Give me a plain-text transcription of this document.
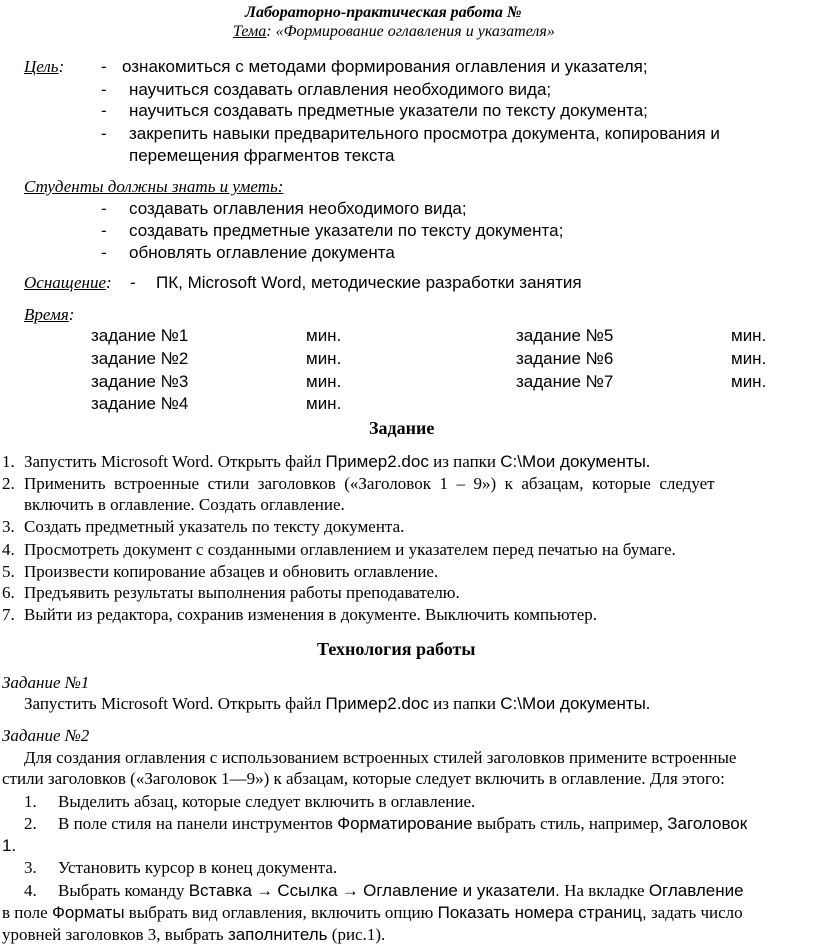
Лабораторно-практическая работа №
Тема: «Формирование оглавления и указателя»
Цель: - ознакомиться с методами формирования оглавления и указателя;
- научиться создавать оглавления необходимого вида;
- научиться создавать предметные указатели по тексту документа;
- закрепить навыки предварительного просмотра документа, копирования и
перемещения фрагментов текста
Студенты должны знать и уметь:
- создавать оглавления необходимого вида;
- создавать предметные указатели по тексту документа;
- обновлять оглавление документа
Оснащение: - ПК, Microsoft Word, методические разработки занятия
Время:
задание №1	мин.	задание №5	мин.
задание №2	мин.	задание №6	мин.
задание №3	мин.	задание №7	мин.
задание №4	мин.
Задание
1. Запустить Microsoft Word. Открыть файл Пример2.doc из папки C:\Мои документы.
2. Применить  встроенные  стили  заголовков  («Заголовок  1  –  9»)  к  абзацам,  которые  следует
включить в оглавление. Создать оглавление.
3. Создать предметный указатель по тексту документа.
4. Просмотреть документ с созданными оглавлением и указателем перед печатью на бумаге.
5. Произвести копирование абзацев и обновить оглавление.
6. Предъявить результаты выполнения работы преподавателю.
7. Выйти из редактора, сохранив изменения в документе. Выключить компьютер.
Технология работы
Задание №1
Запустить Microsoft Word. Открыть файл Пример2.doc из папки C:\Мои документы.
Задание №2
Для создания оглавления с использованием встроенных стилей заголовков примените встроенные
стили заголовков («Заголовок 1—9») к абзацам, которые следует включить в оглавление. Для этого:
1. Выделить абзац, которые следует включить в оглавление.
2. В поле стиля на панели инструментов Форматирование выбрать стиль, например, Заголовок
1.
3. Установить курсор в конец документа.
4. Выбрать команду Вставка → Ссылка → Оглавление и указатели. На вкладке Оглавление
в поле Форматы выбрать вид оглавления, включить опцию Показать номера страниц, задать число
уровней заголовков 3, выбрать заполнитель (рис.1).
